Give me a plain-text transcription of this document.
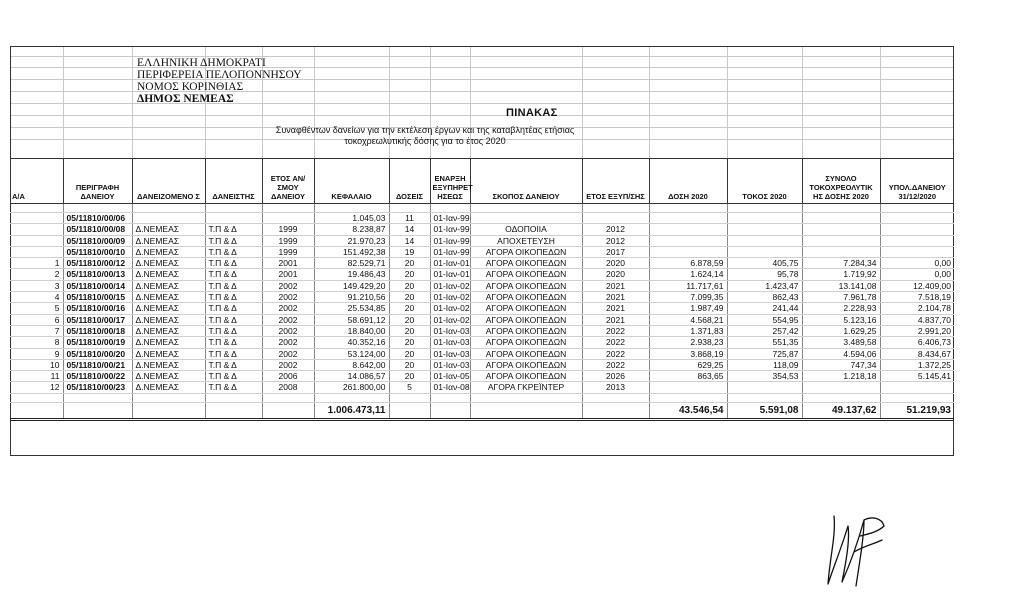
ΕΛΛΗΝΙΚΗ ΔΗΜΟΚΡΑΤΙ
ΠΕΡΙΦΕΡΕΙΑ ΠΕΛΟΠΟΝΝΗΣΟΥ
ΝΟΜΟΣ ΚΟΡΙΝΘΙΑΣ
ΔΗΜΟΣ ΝΕΜΕΑΣ
ΠΙΝΑΚΑΣ
Συναφθέντων δανείων για την εκτέλεση έργων και της καταβλητέας ετήσιας
τοκοχρεωλυτικής δόσης για το έτος 2020
Α/Α	ΠΕΡΙΓΡΑΦΗ ΔΑΝΕΙΟΥ	ΔΑΝΕΙΖΟΜΕΝΟ Σ	ΔΑΝΕΙΣΤΗΣ	ΕΤΟΣ ΑΝ/ΣΜΟΥ ΔΑΝΕΙΟΥ	ΚΕΦΑΛΑΙΟ	ΔΟΣΕΙΣ	ΕΝΑΡΞΗ ΕΞΥΠΗΡΕΤ ΗΣΕΩΣ	ΣΚΟΠΟΣ ΔΑΝΕΙΟΥ	ΕΤΟΣ ΕΞΥΠ/ΣΗΣ	ΔΟΣΗ 2020	ΤΟΚΟΣ 2020	ΣΥΝΟΛΟ ΤΟΚΟΧΡΕΟΛΥΤΙΚ ΗΣ ΔΟΣΗΣ 2020	ΥΠΟΛ.ΔΑΝΕΙΟΥ 31/12/2020

	05/11810/00/06				1.045,03	11	01-Ιαν-99						
	05/11810/00/08	Δ.ΝΕΜΕΑΣ	Τ.Π & Δ	1999	8.238,87	14	01-Ιαν-99	ΟΔΟΠΟΙΙΑ	2012				
	05/11810/00/09	Δ.ΝΕΜΕΑΣ	Τ.Π & Δ	1999	21.970,23	14	01-Ιαν-99	ΑΠΟΧΕΤΕΥΣΗ	2012				
	05/11810/00/10	Δ.ΝΕΜΕΑΣ	Τ.Π & Δ	1999	151.492,38	19	01-Ιαν-99	ΑΓΟΡΑ ΟΙΚΟΠΕΔΩΝ	2017				
1	05/11810/00/12	Δ.ΝΕΜΕΑΣ	Τ.Π & Δ	2001	82.529,71	20	01-Ιαν-01	ΑΓΟΡΑ ΟΙΚΟΠΕΔΩΝ	2020	6.878,59	405,75	7.284,34	0,00
2	05/11810/00/13	Δ.ΝΕΜΕΑΣ	Τ.Π & Δ	2001	19.486,43	20	01-Ιαν-01	ΑΓΟΡΑ ΟΙΚΟΠΕΔΩΝ	2020	1.624,14	95,78	1.719,92	0,00
3	05/11810/00/14	Δ.ΝΕΜΕΑΣ	Τ.Π & Δ	2002	149.429,20	20	01-Ιαν-02	ΑΓΟΡΑ ΟΙΚΟΠΕΔΩΝ	2021	11.717,61	1.423,47	13.141,08	12.409,00
4	05/11810/00/15	Δ.ΝΕΜΕΑΣ	Τ.Π & Δ	2002	91.210,56	20	01-Ιαν-02	ΑΓΟΡΑ ΟΙΚΟΠΕΔΩΝ	2021	7.099,35	862,43	7.961,78	7.518,19
5	05/11810/00/16	Δ.ΝΕΜΕΑΣ	Τ.Π & Δ	2002	25.534,85	20	01-Ιαν-02	ΑΓΟΡΑ ΟΙΚΟΠΕΔΩΝ	2021	1.987,49	241,44	2.228,93	2.104,78
6	05/11810/00/17	Δ.ΝΕΜΕΑΣ	Τ.Π & Δ	2002	58.691,12	20	01-Ιαν-02	ΑΓΟΡΑ ΟΙΚΟΠΕΔΩΝ	2021	4.568,21	554,95	5.123,16	4.837,70
7	05/11810/00/18	Δ.ΝΕΜΕΑΣ	Τ.Π & Δ	2002	18.840,00	20	01-Ιαν-03	ΑΓΟΡΑ ΟΙΚΟΠΕΔΩΝ	2022	1.371,83	257,42	1.629,25	2.991,20
8	05/11810/00/19	Δ.ΝΕΜΕΑΣ	Τ.Π & Δ	2002	40.352,16	20	01-Ιαν-03	ΑΓΟΡΑ ΟΙΚΟΠΕΔΩΝ	2022	2.938,23	551,35	3.489,58	6.406,73
9	05/11810/00/20	Δ.ΝΕΜΕΑΣ	Τ.Π & Δ	2002	53.124,00	20	01-Ιαν-03	ΑΓΟΡΑ ΟΙΚΟΠΕΔΩΝ	2022	3.868,19	725,87	4.594,06	8.434,67
10	05/11810/00/21	Δ.ΝΕΜΕΑΣ	Τ.Π & Δ	2002	8.642,00	20	01-Ιαν-03	ΑΓΟΡΑ ΟΙΚΟΠΕΔΩΝ	2022	629,25	118,09	747,34	1.372,25
11	05/11810/00/22	Δ.ΝΕΜΕΑΣ	Τ.Π & Δ	2006	14.086,57	20	01-Ιαν-05	ΑΓΟΡΑ ΟΙΚΟΠΕΔΩΝ	2026	863,65	354,53	1.218,18	5.145,41
12	05/11810/00/23	Δ.ΝΕΜΕΑΣ	Τ.Π & Δ	2008	261.800,00	5	01-Ιαν-08	ΑΓΟΡΑ ΓΚΡΕΪΝΤΕΡ	2013				

					1.006.473,11					43.546,54	5.591,08	49.137,62	51.219,93
